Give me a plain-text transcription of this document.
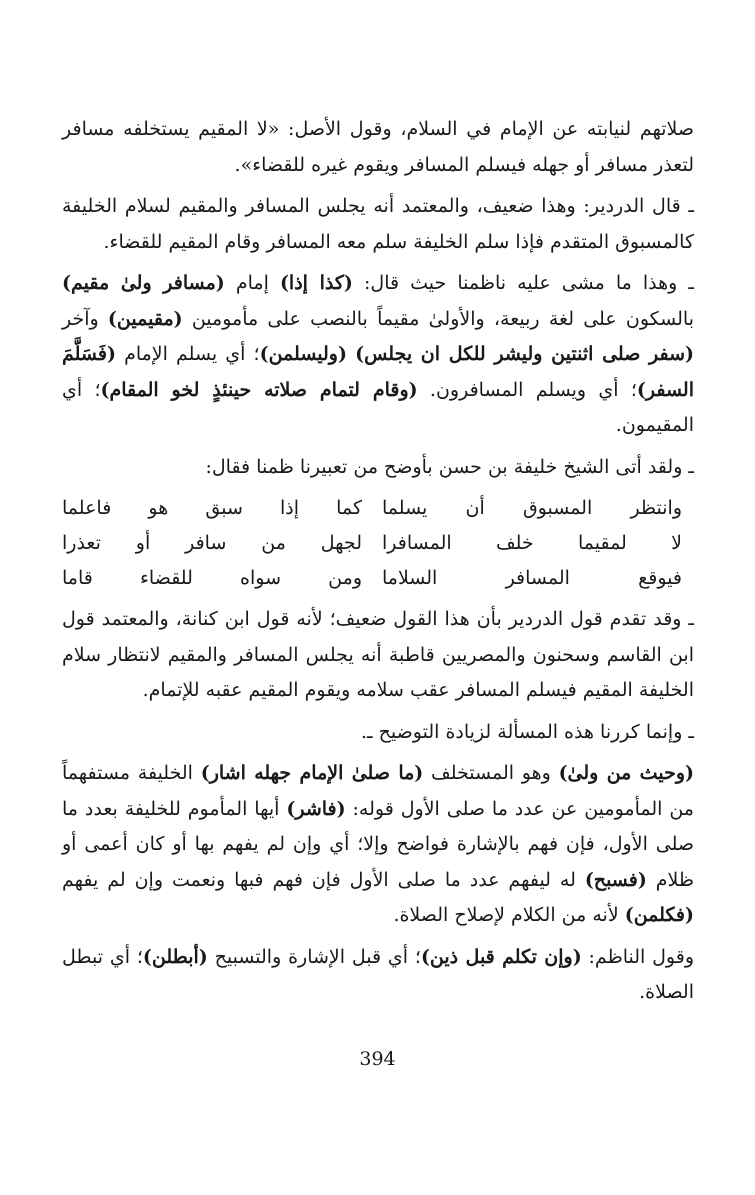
صلاتهم لنيابته عن الإمام في السلام، وقول الأصل: «لا المقيم يستخلفه مسافر لتعذر مسافر أو جهله فيسلم المسافر ويقوم غيره للقضاء».

ـ قال الدردير: وهذا ضعيف، والمعتمد أنه يجلس المسافر والمقيم لسلام الخليفة كالمسبوق المتقدم فإذا سلم الخليفة سلم معه المسافر وقام المقيم للقضاء.

ـ وهذا ما مشى عليه ناظمنا حيث قال: (كذا إذا) إمام (مسافر ولىٰ مقيم) بالسكون على لغة ربيعة، والأولىٰ مقيماً بالنصب على مأمومين (مقيمين) وآخر (سفر صلى اثنتين وليشر للكل ان يجلس) (وليسلمن)؛ أي يسلم الإمام (فَسَلَّمَ السفر)؛ أي ويسلم المسافرون. (وقام لتمام صلاته حينئذٍ لخو المقام)؛ أي المقيمون.

ـ ولقد أتى الشيخ خليفة بن حسن بأوضح من تعبيرنا ظمنا فقال:

وانتظر المسبوق أن يسلما
كما إذا سبق هو فاعلما
لا لمقيما خلف المسافرا
لجهل من سافر أو تعذرا
فيوقع المسافر السلاما
ومن سواه للقضاء قاما

ـ وقد تقدم قول الدردير بأن هذا القول ضعيف؛ لأنه قول ابن كنانة، والمعتمد قول ابن القاسم وسحنون والمصريين قاطبة أنه يجلس المسافر والمقيم لانتظار سلام الخليفة المقيم فيسلم المسافر عقب سلامه ويقوم المقيم عقبه للإتمام.

ـ وإنما كررنا هذه المسألة لزيادة التوضيح ـ.

(وحيث من ولىٰ) وهو المستخلف (ما صلىٰ الإمام جهله اشار) الخليفة مستفهماً من المأمومين عن عدد ما صلى الأول قوله: (فاشر) أيها المأموم للخليفة بعدد ما صلى الأول، فإن فهم بالإشارة فواضح وإلا؛ أي وإن لم يفهم بها أو كان أعمى أو ظلام (فسبح) له ليفهم عدد ما صلى الأول فإن فهم فبها ونعمت وإن لم يفهم (فكلمن) لأنه من الكلام لإصلاح الصلاة.

وقول الناظم: (وإن تكلم قبل ذين)؛ أي قبل الإشارة والتسبيح (أبطلن)؛ أي تبطل الصلاة.

394
